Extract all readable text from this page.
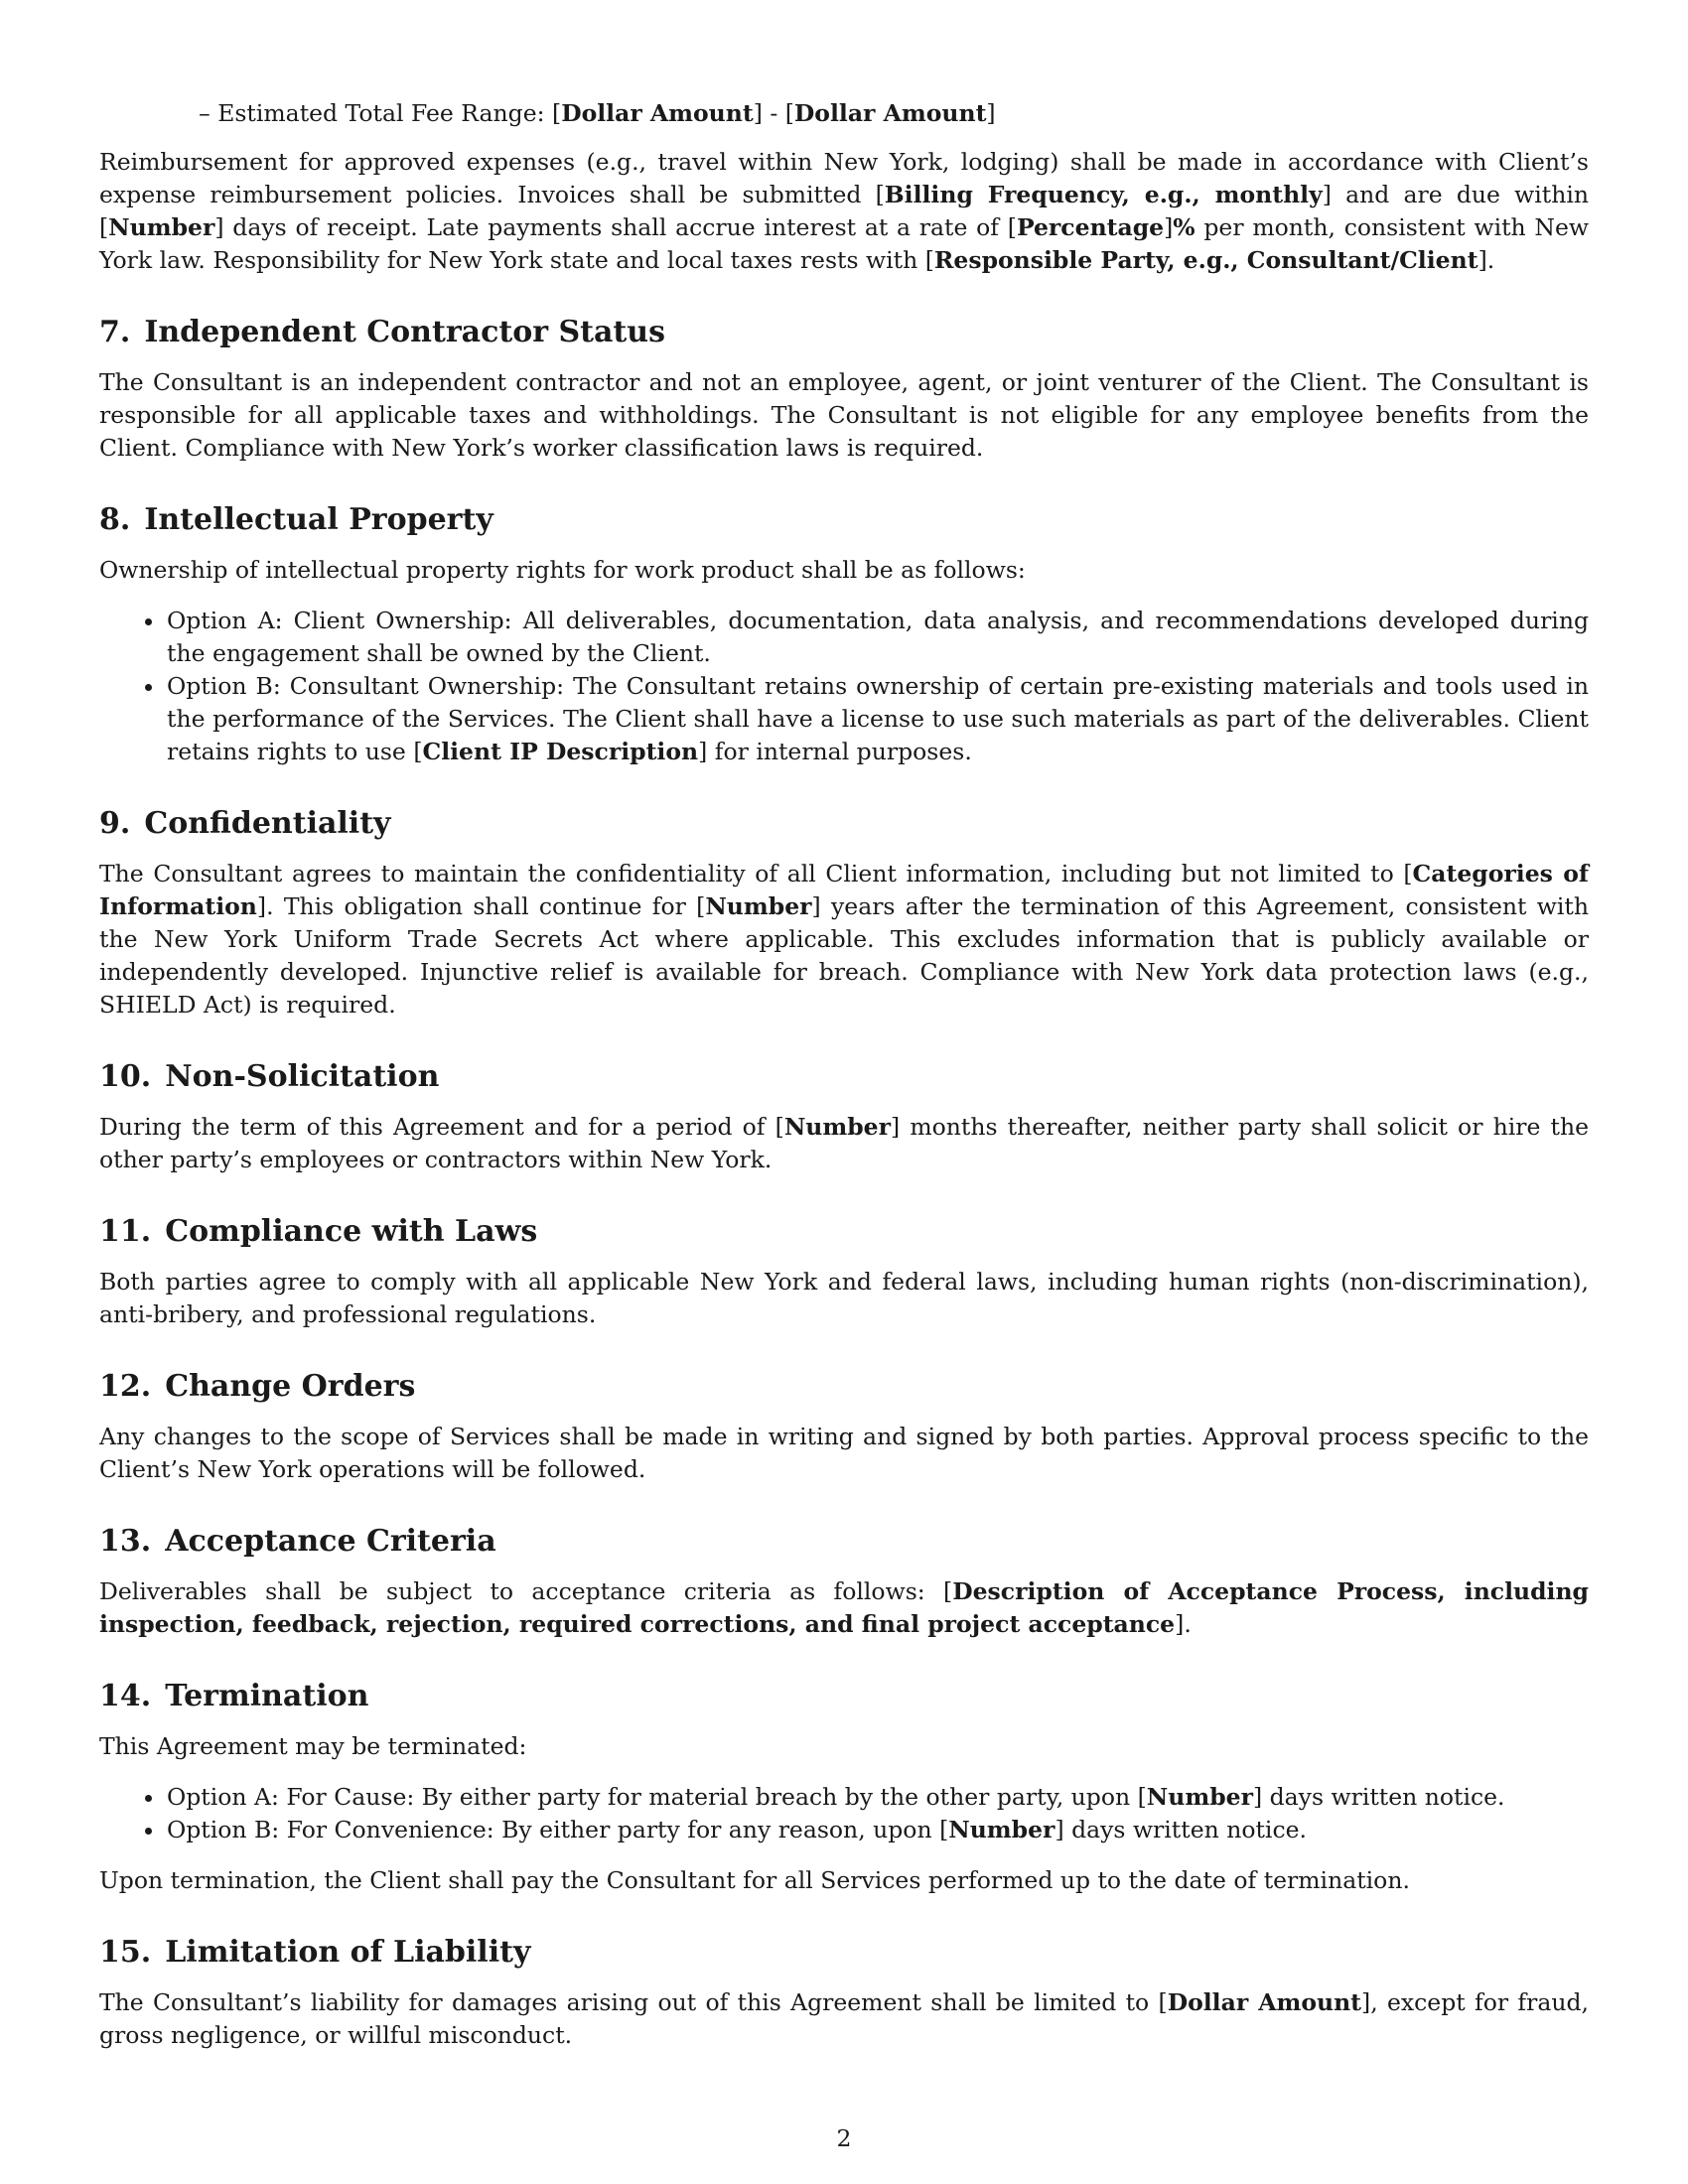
– Estimated Total Fee Range: [Dollar Amount] - [Dollar Amount]

Reimbursement for approved expenses (e.g., travel within New York, lodging) shall be made in accordance with Client’s expense reimbursement policies. Invoices shall be submitted [Billing Frequency, e.g., monthly] and are due within [Number] days of receipt. Late payments shall accrue interest at a rate of [Percentage]% per month, consistent with New York law. Responsibility for New York state and local taxes rests with [Responsible Party, e.g., Consultant/Client].

7. Independent Contractor Status

The Consultant is an independent contractor and not an employee, agent, or joint venturer of the Client. The Consultant is responsible for all applicable taxes and withholdings. The Consultant is not eligible for any employee benefits from the Client. Compliance with New York’s worker classification laws is required.

8. Intellectual Property

Ownership of intellectual property rights for work product shall be as follows:

Option A: Client Ownership: All deliverables, documentation, data analysis, and recommendations developed during the engagement shall be owned by the Client.
Option B: Consultant Ownership: The Consultant retains ownership of certain pre-existing materials and tools used in the performance of the Services. The Client shall have a license to use such materials as part of the deliverables. Client retains rights to use [Client IP Description] for internal purposes.
9. Confidentiality

The Consultant agrees to maintain the confidentiality of all Client information, including but not limited to [Categories of Information]. This obligation shall continue for [Number] years after the termination of this Agreement, consistent with the New York Uniform Trade Secrets Act where applicable. This excludes information that is publicly available or independently developed. Injunctive relief is available for breach. Compliance with New York data protection laws (e.g., SHIELD Act) is required.

10. Non-Solicitation

During the term of this Agreement and for a period of [Number] months thereafter, neither party shall solicit or hire the other party’s employees or contractors within New York.

11. Compliance with Laws

Both parties agree to comply with all applicable New York and federal laws, including human rights (non-discrimination), anti-bribery, and professional regulations.

12. Change Orders

Any changes to the scope of Services shall be made in writing and signed by both parties. Approval process specific to the Client’s New York operations will be followed.

13. Acceptance Criteria

Deliverables shall be subject to acceptance criteria as follows: [Description of Acceptance Process, including inspection, feedback, rejection, required corrections, and final project acceptance].

14. Termination

This Agreement may be terminated:

Option A: For Cause: By either party for material breach by the other party, upon [Number] days written notice.
Option B: For Convenience: By either party for any reason, upon [Number] days written notice.

Upon termination, the Client shall pay the Consultant for all Services performed up to the date of termination.

15. Limitation of Liability

The Consultant’s liability for damages arising out of this Agreement shall be limited to [Dollar Amount], except for fraud, gross negligence, or willful misconduct.

2
